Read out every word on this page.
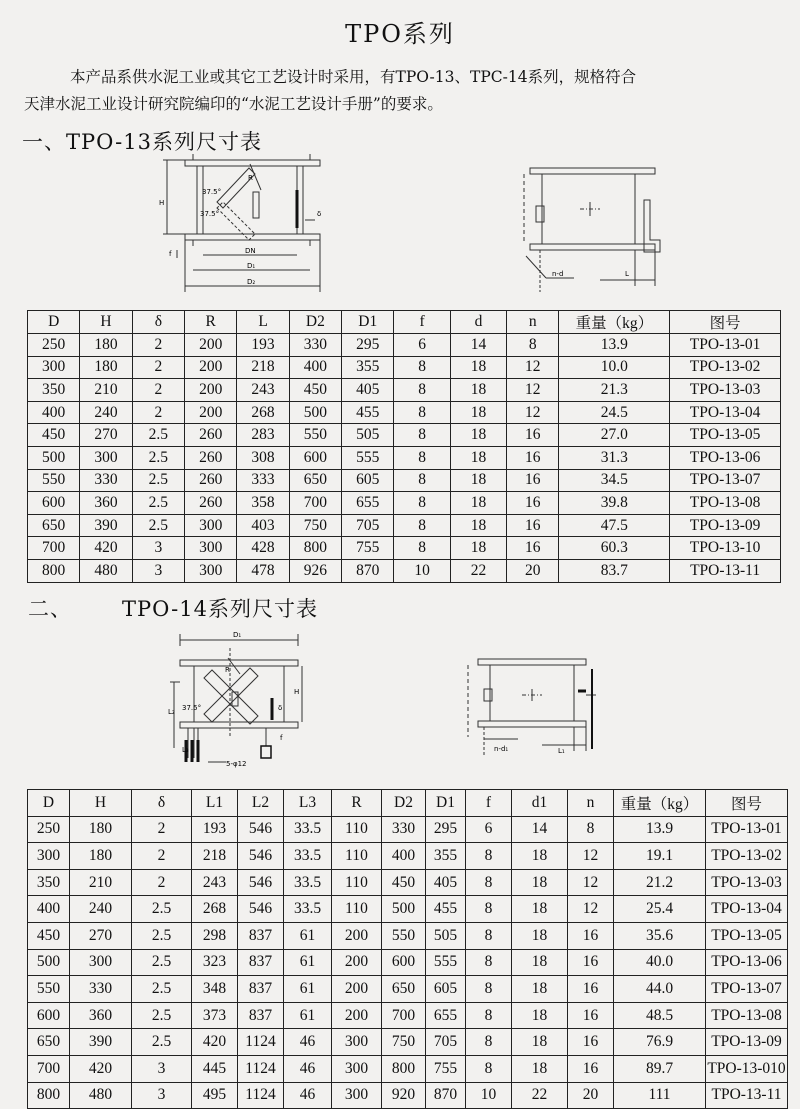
TPO系列
本产品系供水泥工业或其它工艺设计时采用，有TPO-13、TPC-14系列，规格符合
天津水泥工业设计研究院编印的“水泥工艺设计手册”的要求。
一、TPO-13系列尺寸表
37.5°
37.5°
H
R
δ
f	DN
D₁
D₂
n-d	L
D	H	δ	R	L	D2	D1	f	d	n	重量（kg）	图号
250	180	2	200	193	330	295	6	14	8	13.9	TPO-13-01
300	180	2	200	218	400	355	8	18	12	10.0	TPO-13-02
350	210	2	200	243	450	405	8	18	12	21.3	TPO-13-03
400	240	2	200	268	500	455	8	18	12	24.5	TPO-13-04
450	270	2.5	260	283	550	505	8	18	16	27.0	TPO-13-05
500	300	2.5	260	308	600	555	8	18	16	31.3	TPO-13-06
550	330	2.5	260	333	650	605	8	18	16	34.5	TPO-13-07
600	360	2.5	260	358	700	655	8	18	16	39.8	TPO-13-08
650	390	2.5	300	403	750	705	8	18	16	47.5	TPO-13-09
700	420	3	300	428	800	755	8	18	16	60.3	TPO-13-10
800	480	3	300	478	926	870	10	22	20	83.7	TPO-13-11
二、 TPO-14系列尺寸表
D₁
R
H
L₂ 37.5°	δ
f
L₃
5-φ12
n-d₁	L₁
D	H	δ	L1	L2	L3	R	D2	D1	f	d1	n	重量（kg）	图号
250	180	2	193	546	33.5	110	330	295	6	14	8	13.9	TPO-13-01
300	180	2	218	546	33.5	110	400	355	8	18	12	19.1	TPO-13-02
350	210	2	243	546	33.5	110	450	405	8	18	12	21.2	TPO-13-03
400	240	2.5	268	546	33.5	110	500	455	8	18	12	25.4	TPO-13-04
450	270	2.5	298	837	61	200	550	505	8	18	16	35.6	TPO-13-05
500	300	2.5	323	837	61	200	600	555	8	18	16	40.0	TPO-13-06
550	330	2.5	348	837	61	200	650	605	8	18	16	44.0	TPO-13-07
600	360	2.5	373	837	61	200	700	655	8	18	16	48.5	TPO-13-08
650	390	2.5	420	1124	46	300	750	705	8	18	16	76.9	TPO-13-09
700	420	3	445	1124	46	300	800	755	8	18	16	89.7	TPO-13-010
800	480	3	495	1124	46	300	920	870	10	22	20	111	TPO-13-11
